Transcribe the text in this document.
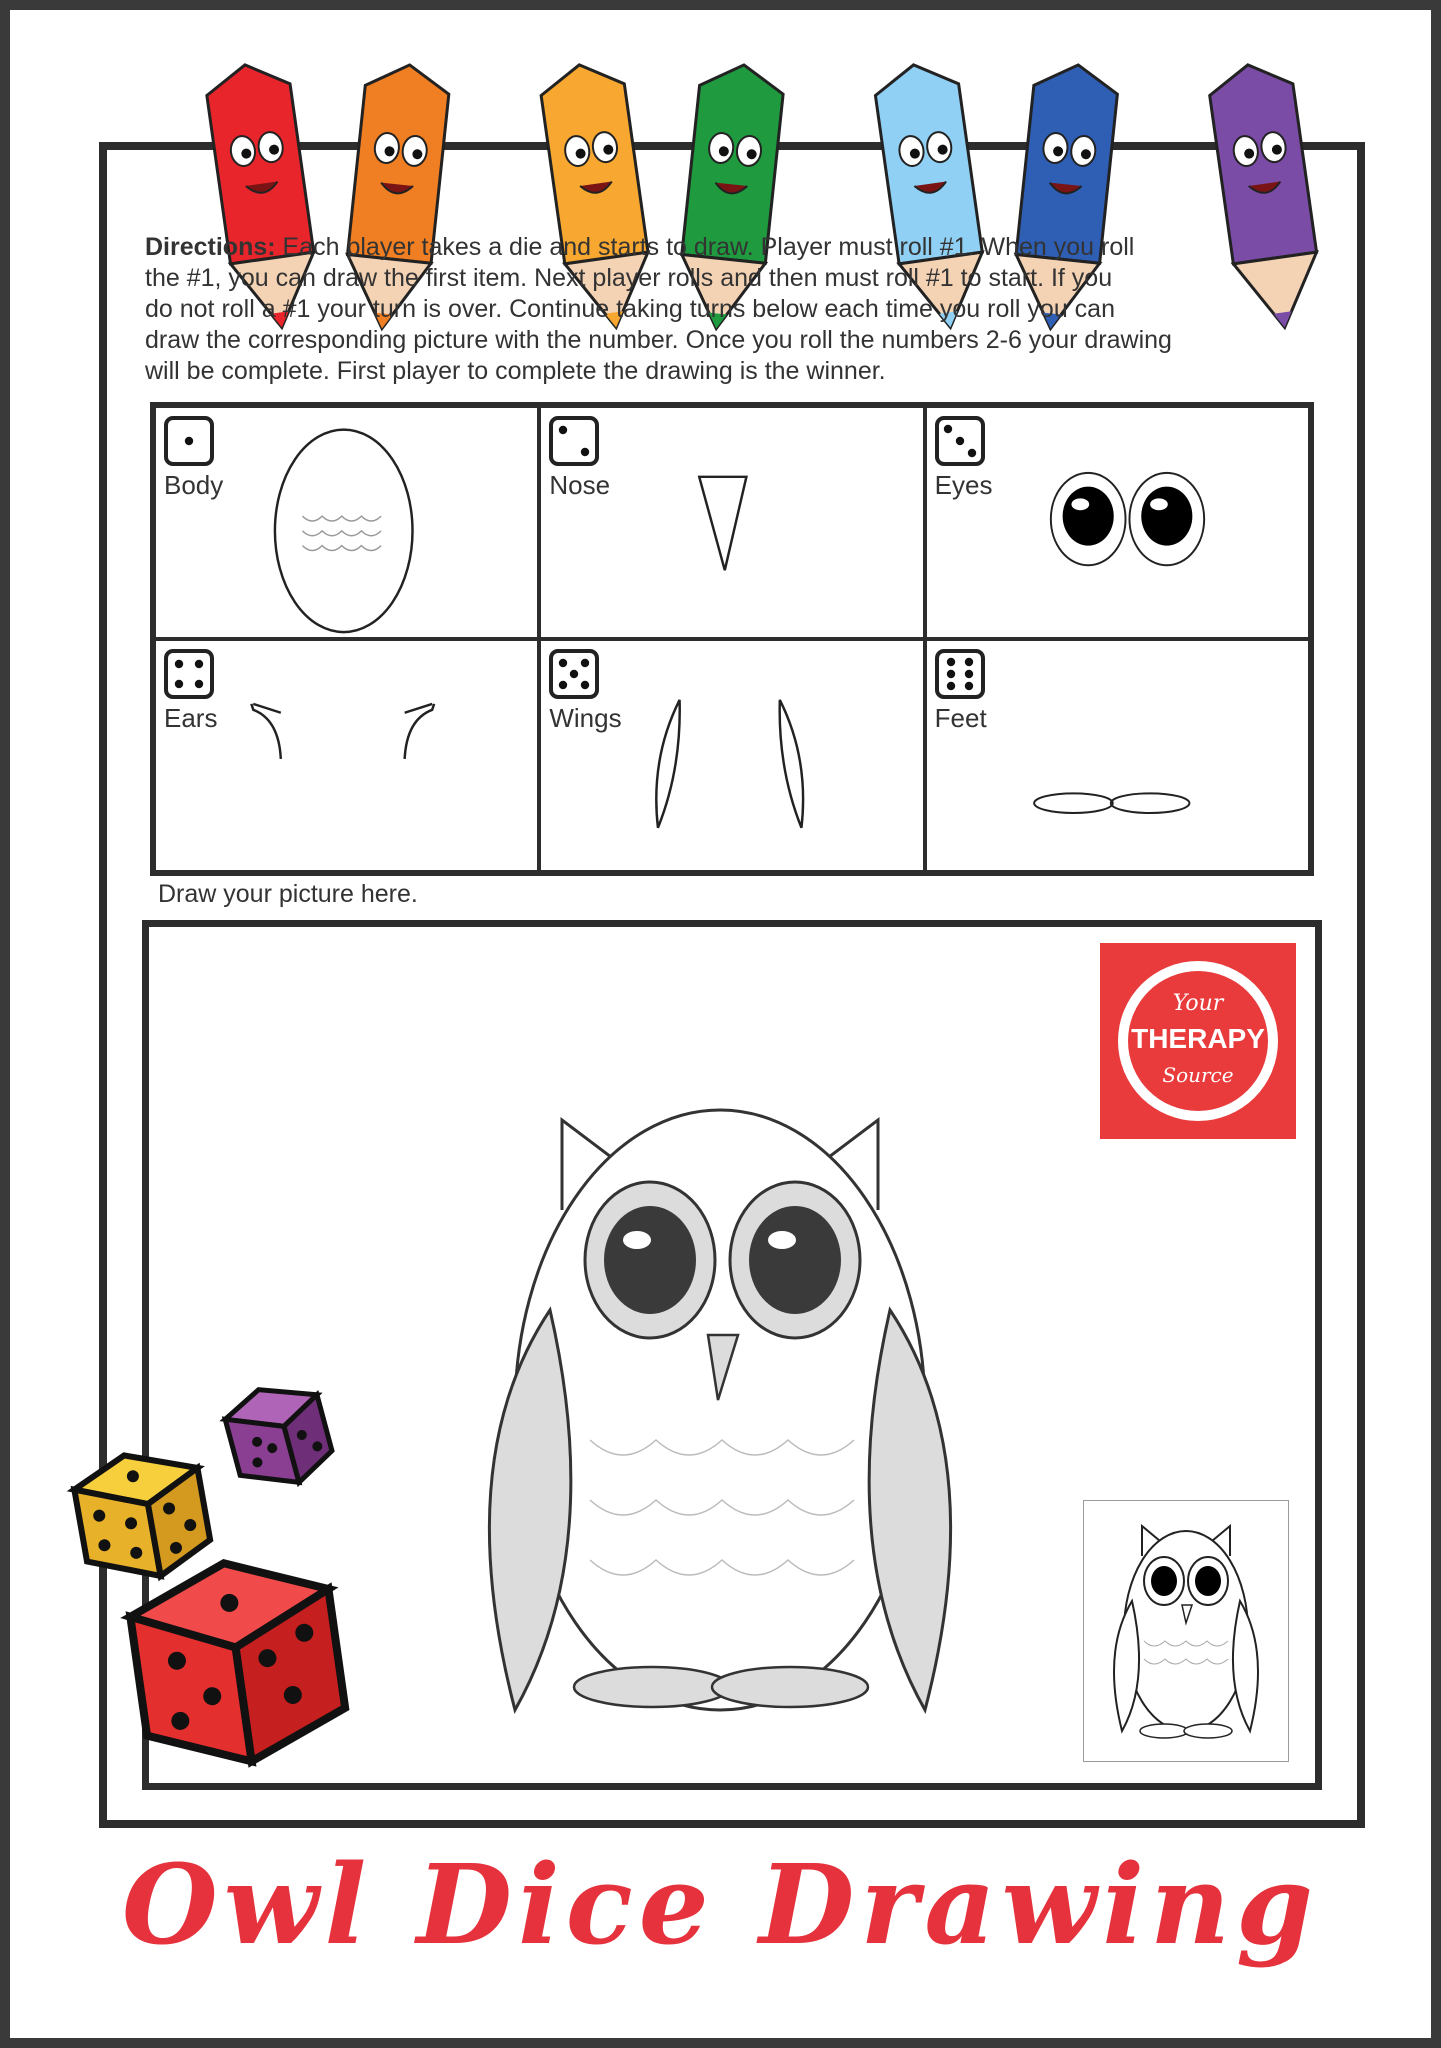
Directions: Each player takes a die and starts to draw. Player must roll #1. When you roll
the #1, you can draw the first item. Next player rolls and then must roll #1 to start. If you
do not roll a #1 your turn is over. Continue taking turns below each time you roll you can
draw the corresponding picture with the number. Once you roll the numbers 2-6 your drawing
will be complete. First player to complete the drawing is the winner.
Body	Nose	Eyes
Ears	Wings	Feet
Draw your picture here.
Your
THERAPY
Source
Owl Dice Drawing
